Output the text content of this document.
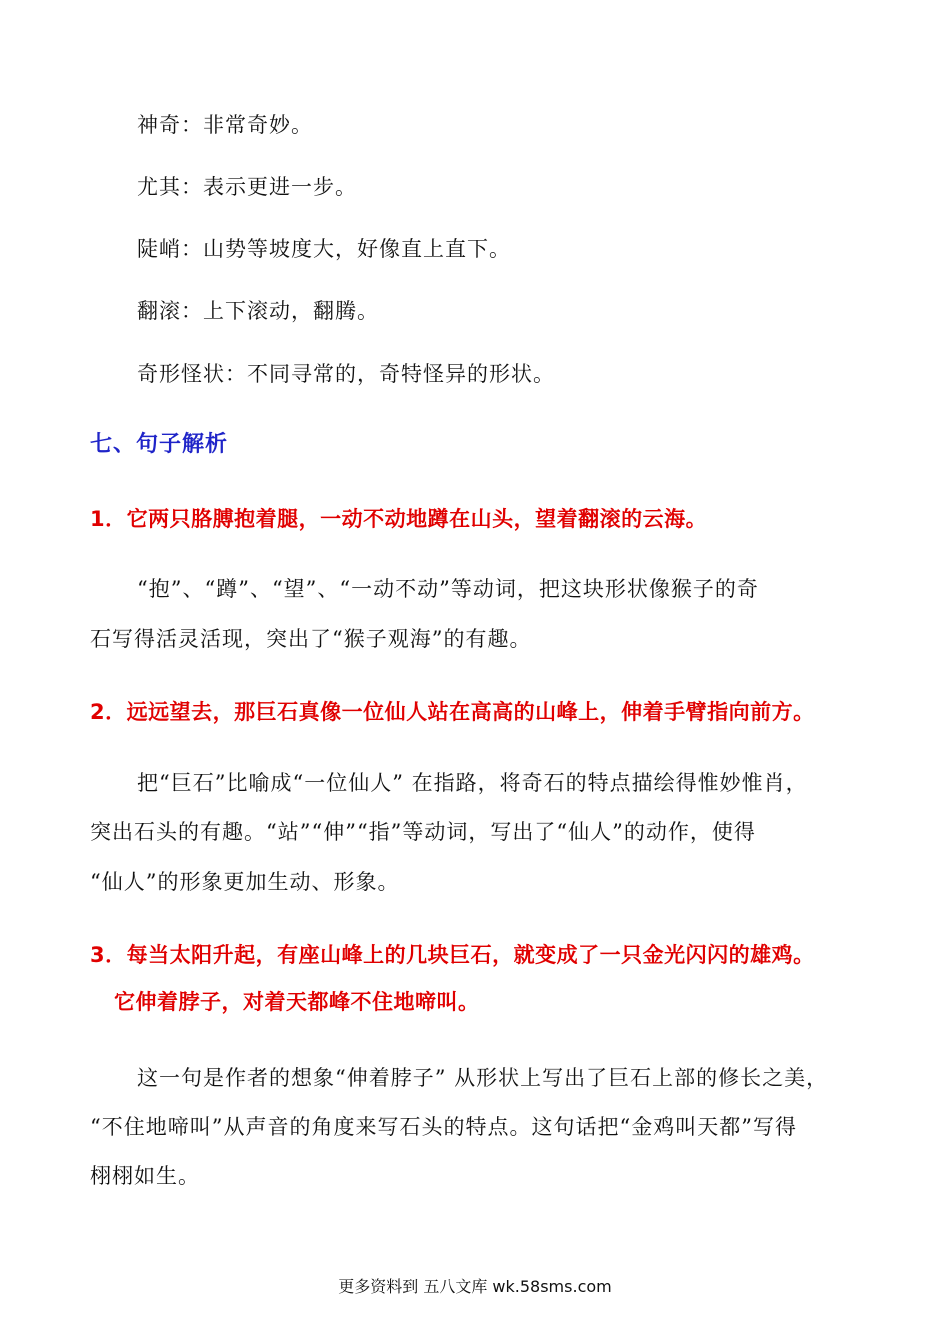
神奇：非常奇妙。
尤其：表示更进一步。
陡峭：山势等坡度大，好像直上直下。
翻滚：上下滚动，翻腾。
奇形怪状：不同寻常的，奇特怪异的形状。
七、句子解析
1．它两只胳膊抱着腿，一动不动地蹲在山头，望着翻滚的云海。
“抱”、“蹲”、“望”、“一动不动”等动词，把这块形状像猴子的奇
石写得活灵活现，突出了“猴子观海”的有趣。
2．远远望去，那巨石真像一位仙人站在高高的山峰上，伸着手臂指向前方。
把“巨石”比喻成“一位仙人” 在指路，将奇石的特点描绘得惟妙惟肖，
突出石头的有趣。“站”“伸”“指”等动词，写出了“仙人”的动作，使得
“仙人”的形象更加生动、形象。
3．每当太阳升起，有座山峰上的几块巨石，就变成了一只金光闪闪的雄鸡。
它伸着脖子，对着天都峰不住地啼叫。
这一句是作者的想象“伸着脖子” 从形状上写出了巨石上部的修长之美，
“不住地啼叫”从声音的角度来写石头的特点。这句话把“金鸡叫天都”写得
栩栩如生。
更多资料到 五八文库 wk.58sms.com
